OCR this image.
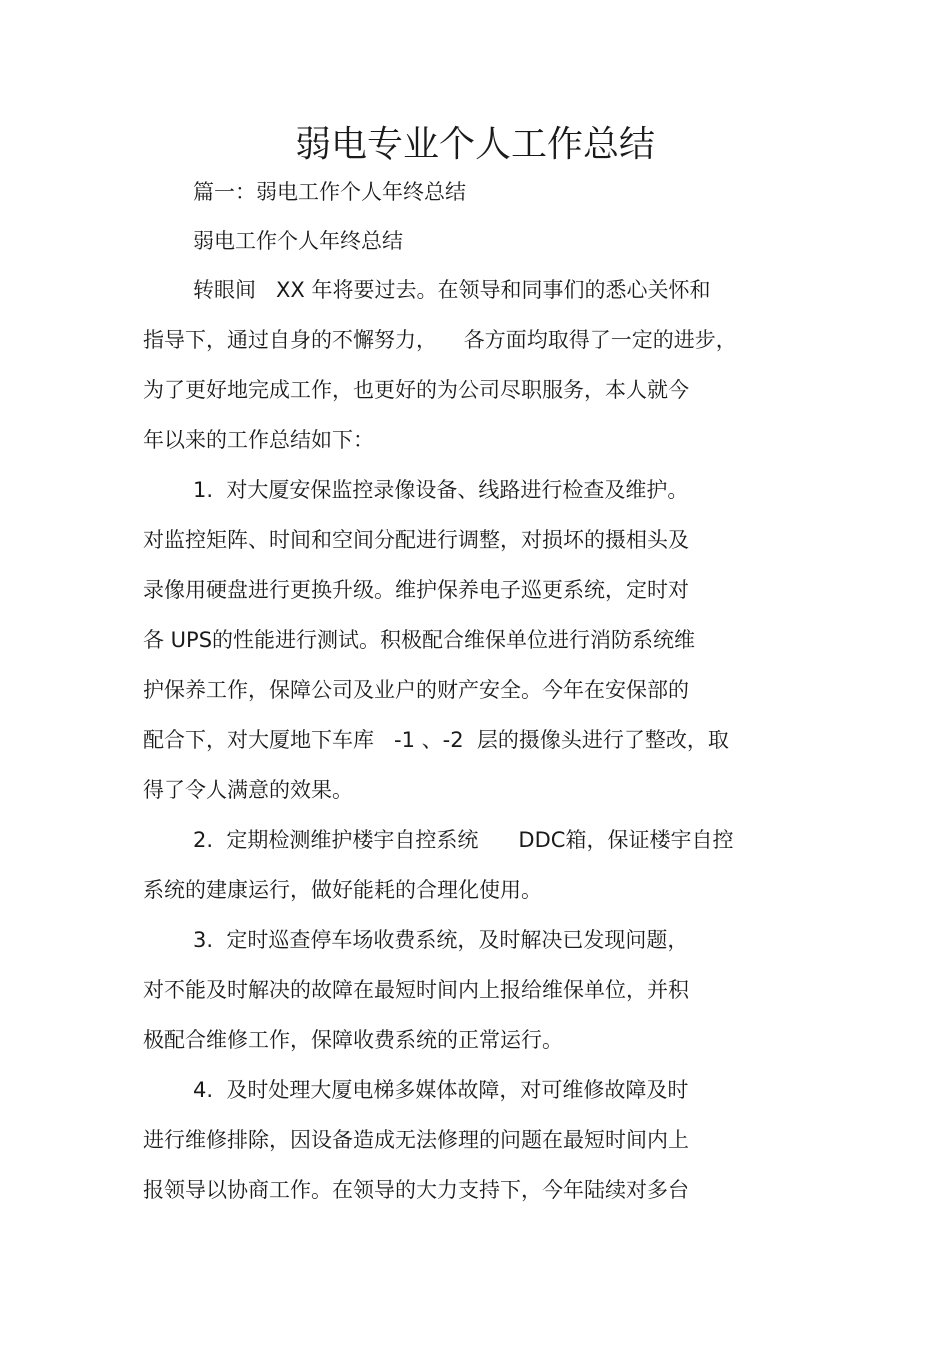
弱电专业个人工作总结

篇一：弱电工作个人年终总结

弱电工作个人年终总结

转眼间   XX 年将要过去。在领导和同事们的悉心关怀和

指导下，通过自身的不懈努力，    各方面均取得了一定的进步，

为了更好地完成工作，也更好的为公司尽职服务，本人就今

年以来的工作总结如下：

1.  对大厦安保监控录像设备、线路进行检查及维护。

对监控矩阵、时间和空间分配进行调整，对损坏的摄相头及

录像用硬盘进行更换升级。维护保养电子巡更系统，定时对

各 UPS的性能进行测试。积极配合维保单位进行消防系统维

护保养工作，保障公司及业户的财产安全。今年在安保部的

配合下，对大厦地下车库   -1 、-2  层的摄像头进行了整改，取

得了令人满意的效果。

2.  定期检测维护楼宇自控系统      DDC箱，保证楼宇自控

系统的建康运行，做好能耗的合理化使用。

3.  定时巡查停车场收费系统，及时解决已发现问题，

对不能及时解决的故障在最短时间内上报给维保单位，并积

极配合维修工作，保障收费系统的正常运行。

4.  及时处理大厦电梯多媒体故障，对可维修故障及时

进行维修排除，因设备造成无法修理的问题在最短时间内上

报领导以协商工作。在领导的大力支持下，今年陆续对多台
